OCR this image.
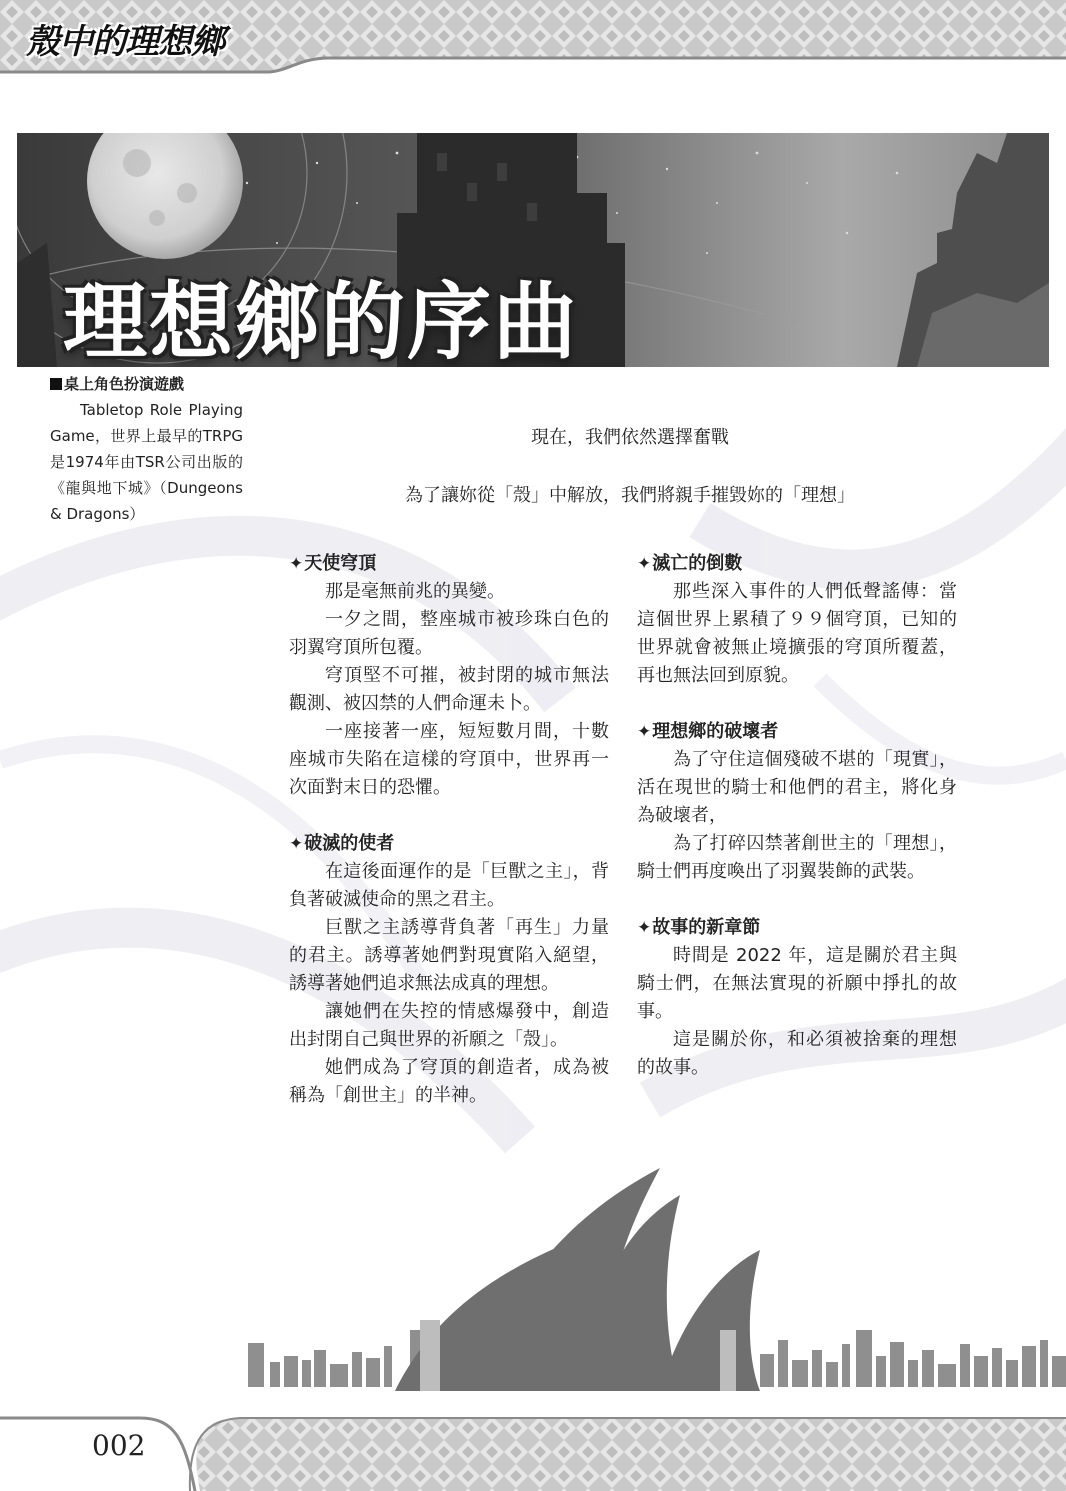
殼中的理想鄉
理想鄉的序曲
桌上角色扮演遊戲
Tabletop Role Playing Game，世界上最早的TRPG是1974年由TSR公司出版的《龍與地下城》（Dungeons & Dragons）
現在，我們依然選擇奮戰
為了讓妳從「殼」中解放，我們將親手摧毀妳的「理想」
✦天使穹頂

那是毫無前兆的異變。

一夕之間，整座城市被珍珠白色的羽翼穹頂所包覆。

穹頂堅不可摧，被封閉的城市無法觀測、被囚禁的人們命運未卜。

一座接著一座，短短數月間，十數座城市失陷在這樣的穹頂中，世界再一次面對末日的恐懼。

✦破滅的使者

在這後面運作的是「巨獸之主」，背負著破滅使命的黑之君主。

巨獸之主誘導背負著「再生」力量的君主。誘導著她們對現實陷入絕望，誘導著她們追求無法成真的理想。

讓她們在失控的情感爆發中，創造出封閉自己與世界的祈願之「殼」。

她們成為了穹頂的創造者，成為被稱為「創世主」的半神。

✦滅亡的倒數

那些深入事件的人們低聲謠傳：當這個世界上累積了９９個穹頂，已知的世界就會被無止境擴張的穹頂所覆蓋，再也無法回到原貌。

✦理想鄉的破壞者

為了守住這個殘破不堪的「現實」，活在現世的騎士和他們的君主，將化身為破壞者，

為了打碎囚禁著創世主的「理想」，騎士們再度喚出了羽翼裝飾的武裝。

✦故事的新章節

時間是 2022 年，這是關於君主與騎士們，在無法實現的祈願中掙扎的故事。

這是關於你，和必須被捨棄的理想的故事。

002
